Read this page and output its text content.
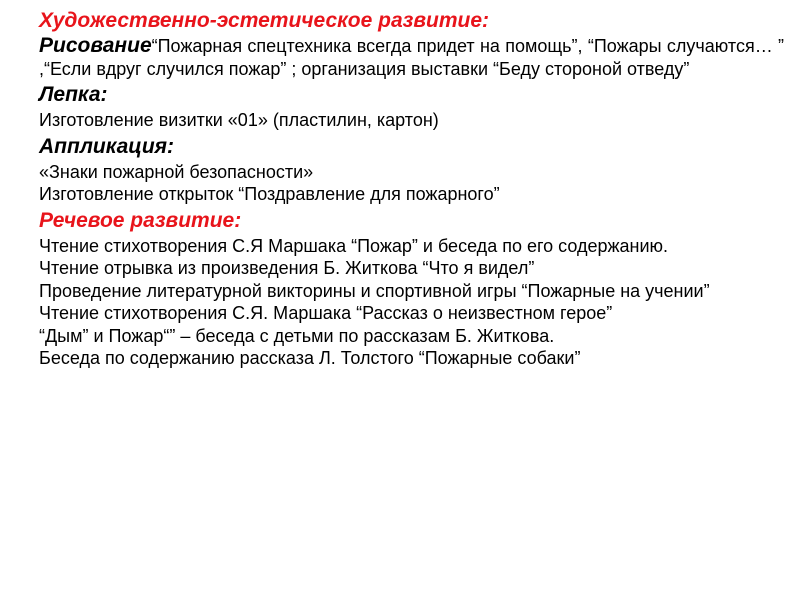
Художественно-эстетическое развитие:

Рисование“Пожарная спецтехника всегда придет на помощь”, “Пожары случаются… ” ,“Если вдруг случился пожар” ; организация выставки “Беду стороной отведу”

Лепка:

Изготовление визитки «01» (пластилин, картон)

Аппликация:

«Знаки пожарной безопасности»

Изготовление открыток “Поздравление для пожарного”

Речевое развитие:

Чтение стихотворения С.Я Маршака “Пожар” и беседа по его содержанию.

Чтение отрывка из произведения Б. Житкова “Что я видел”

Проведение литературной викторины и спортивной игры “Пожарные на учении”

Чтение стихотворения С.Я. Маршака “Рассказ о неизвестном герое”

“Дым” и Пожар“” – беседа с детьми по рассказам Б. Житкова.

Беседа по содержанию рассказа Л. Толстого “Пожарные собаки”
